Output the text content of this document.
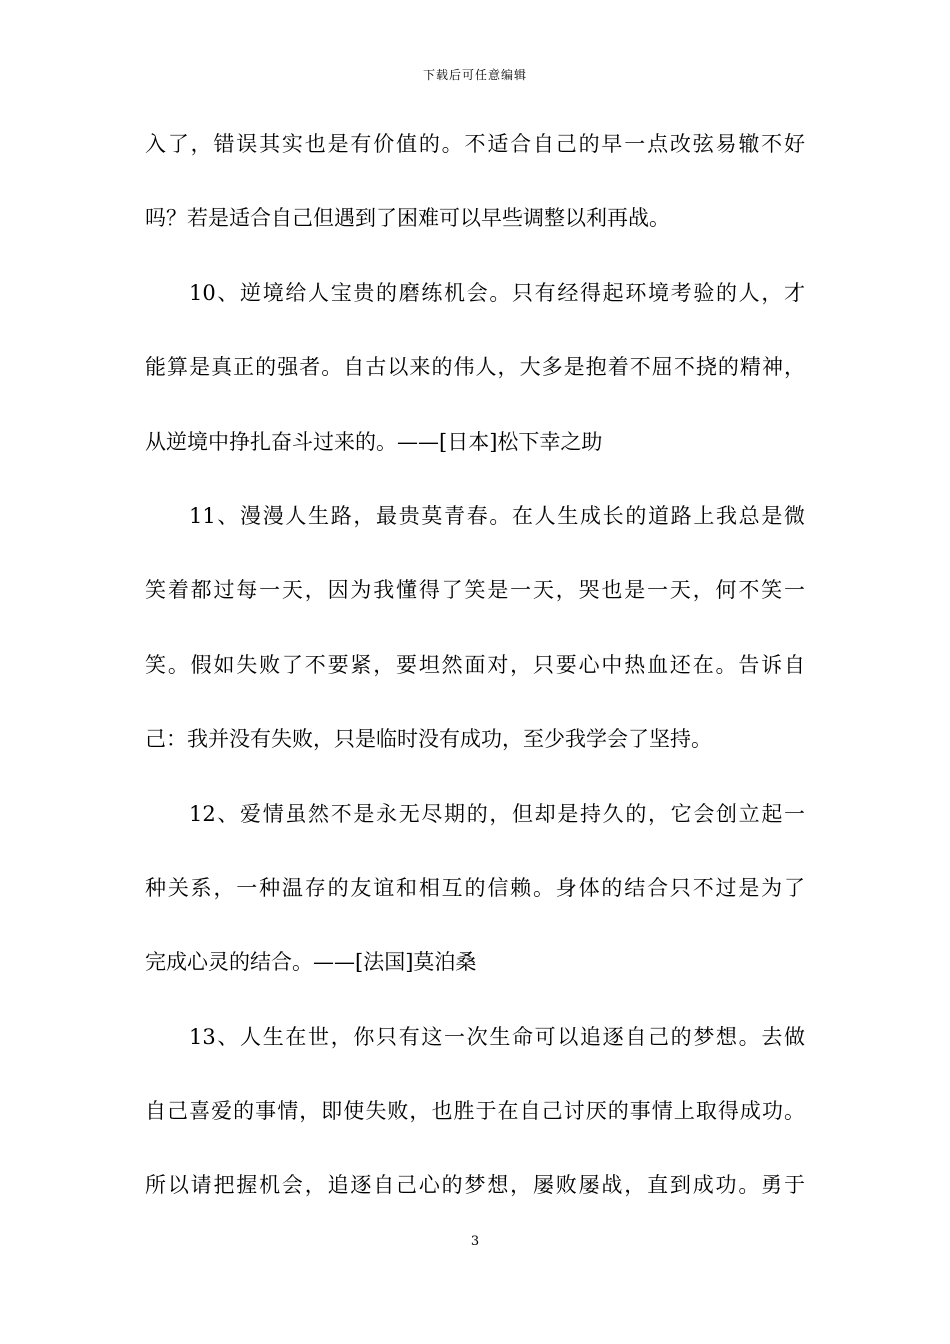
下载后可任意编辑

入了，错误其实也是有价值的。不适合自己的早一点改弦易辙不好

吗？若是适合自己但遇到了困难可以早些调整以利再战。

10、逆境给人宝贵的磨练机会。只有经得起环境考验的人，才

能算是真正的强者。自古以来的伟人，大多是抱着不屈不挠的精神，

从逆境中挣扎奋斗过来的。——[日本]松下幸之助

11、漫漫人生路，最贵莫青春。在人生成长的道路上我总是微

笑着都过每一天，因为我懂得了笑是一天，哭也是一天，何不笑一

笑。假如失败了不要紧，要坦然面对，只要心中热血还在。告诉自

己：我并没有失败，只是临时没有成功，至少我学会了坚持。

12、爱情虽然不是永无尽期的，但却是持久的，它会创立起一

种关系，一种温存的友谊和相互的信赖。身体的结合只不过是为了

完成心灵的结合。——[法国]莫泊桑

13、人生在世，你只有这一次生命可以追逐自己的梦想。去做

自己喜爱的事情，即使失败，也胜于在自己讨厌的事情上取得成功。

所以请把握机会，追逐自己心的梦想，屡败屡战，直到成功。勇于

3
